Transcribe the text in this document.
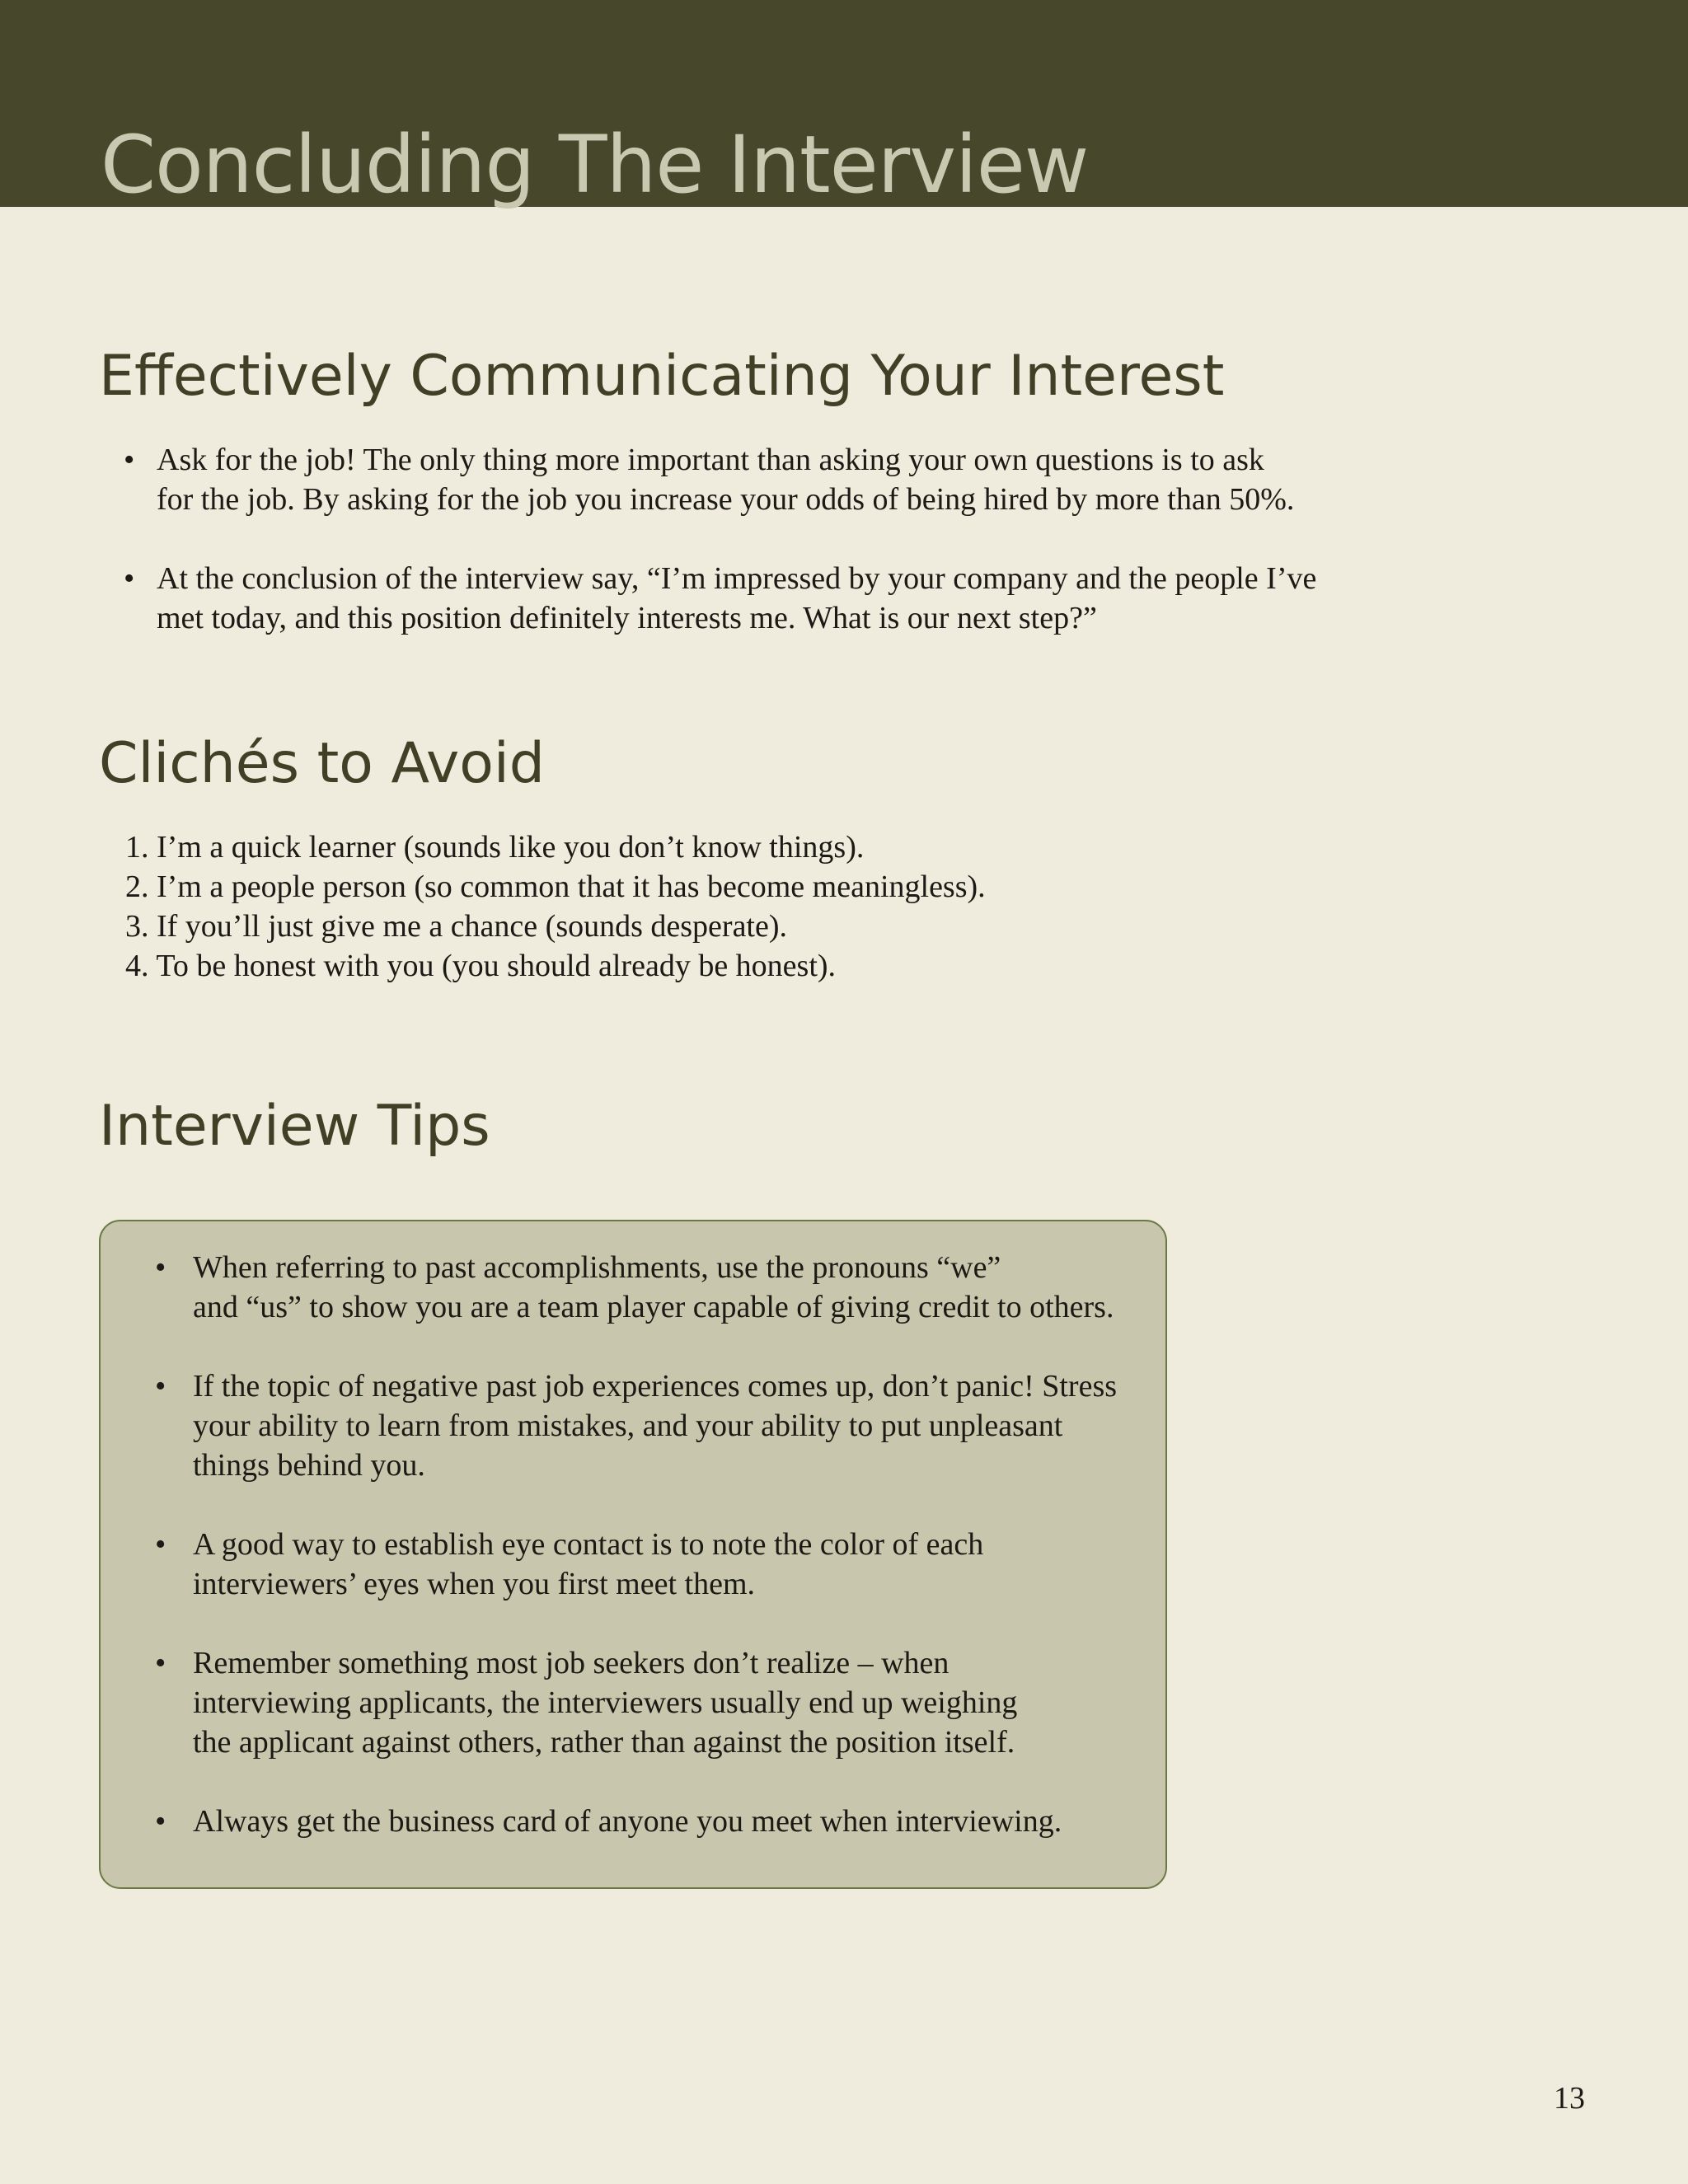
Concluding The Interview
Effectively Communicating Your Interest
• Ask for the job! The only thing more important than asking your own questions is to ask
for the job. By asking for the job you increase your odds of being hired by more than 50%.
• At the conclusion of the interview say, “I’m impressed by your company and the people I’ve
met today, and this position definitely interests me. What is our next step?”
Clichés to Avoid
1. I’m a quick learner (sounds like you don’t know things).
2. I’m a people person (so common that it has become meaningless).
3. If you’ll just give me a chance (sounds desperate).
4. To be honest with you (you should already be honest).
Interview Tips
• When referring to past accomplishments, use the pronouns “we”
and “us” to show you are a team player capable of giving credit to others.
• If the topic of negative past job experiences comes up, don’t panic! Stress
your ability to learn from mistakes, and your ability to put unpleasant
things behind you.
• A good way to establish eye contact is to note the color of each
interviewers’ eyes when you first meet them.
• Remember something most job seekers don’t realize – when
interviewing applicants, the interviewers usually end up weighing
the applicant against others, rather than against the position itself.
• Always get the business card of anyone you meet when interviewing.
13
